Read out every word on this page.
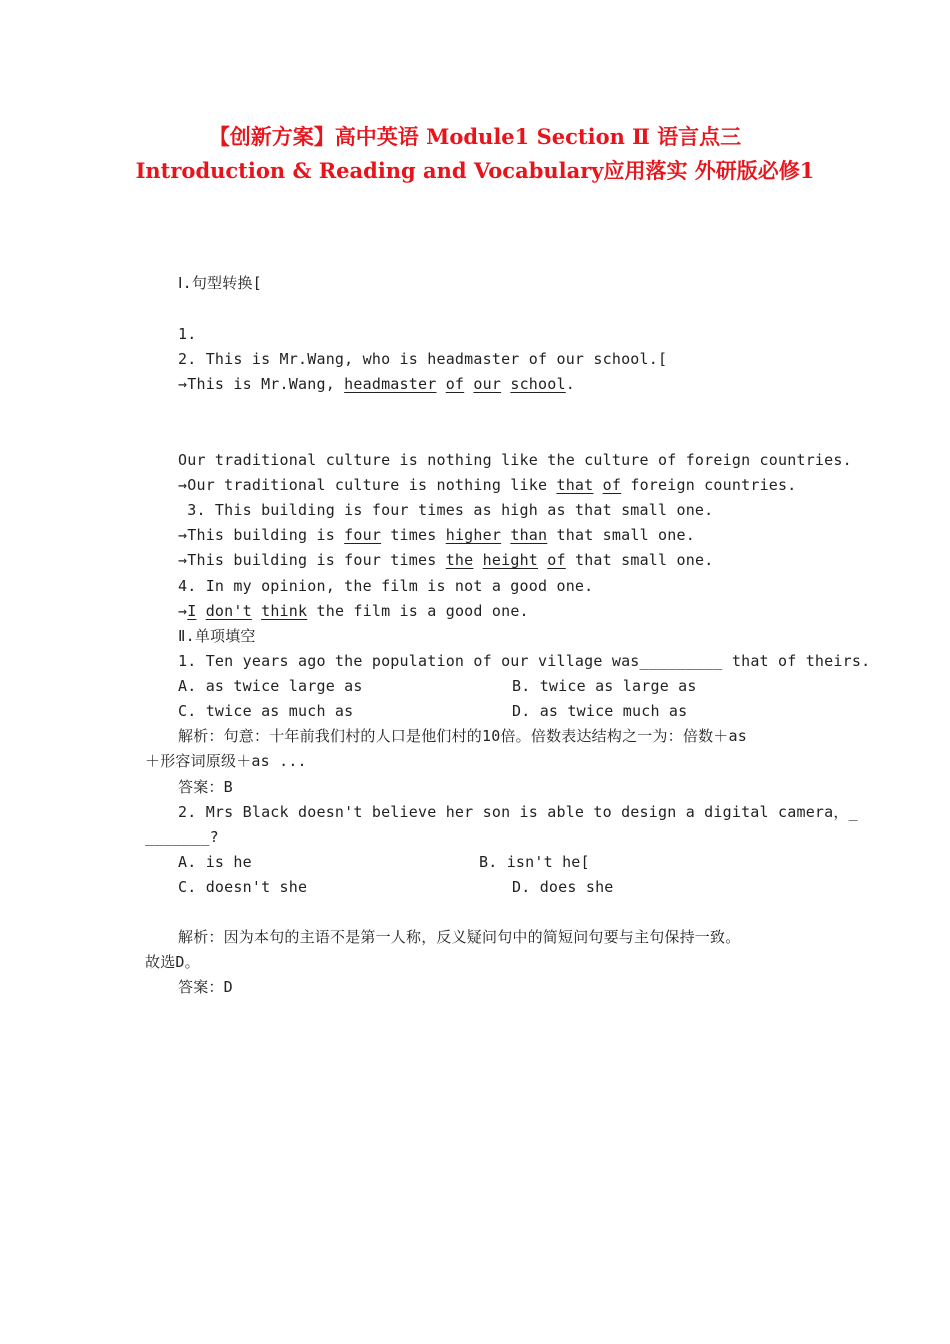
【创新方案】高中英语 Module1 Section Ⅱ 语言点三
Introduction & Reading and Vocabulary应用落实 外研版必修1
Ⅰ.句型转换[
1.
2. This is Mr.Wang, who is headmaster of our school.[
→This is Mr.Wang, headmaster of our school.
Our traditional culture is nothing like the culture of foreign countries.
→Our traditional culture is nothing like that of foreign countries.
3. This building is four times as high as that small one.
→This building is four times higher than that small one.
→This building is four times the height of that small one.
4. In my opinion, the film is not a good one.
→I don't think the film is a good one.
Ⅱ.单项填空
1. Ten years ago the population of our village was_________ that of theirs.
A. as twice large as	B. twice as large as
C. twice as much as	D. as twice much as
解析：句意：十年前我们村的人口是他们村的10倍。倍数表达结构之一为：倍数＋as
＋形容词原级＋as ...
答案：B
2. Mrs Black doesn't believe her son is able to design a digital camera，_
_______?
A. is he	B. isn't he[
C. doesn't she	D. does she
解析：因为本句的主语不是第一人称，反义疑问句中的简短问句要与主句保持一致。
故选D。
答案：D
